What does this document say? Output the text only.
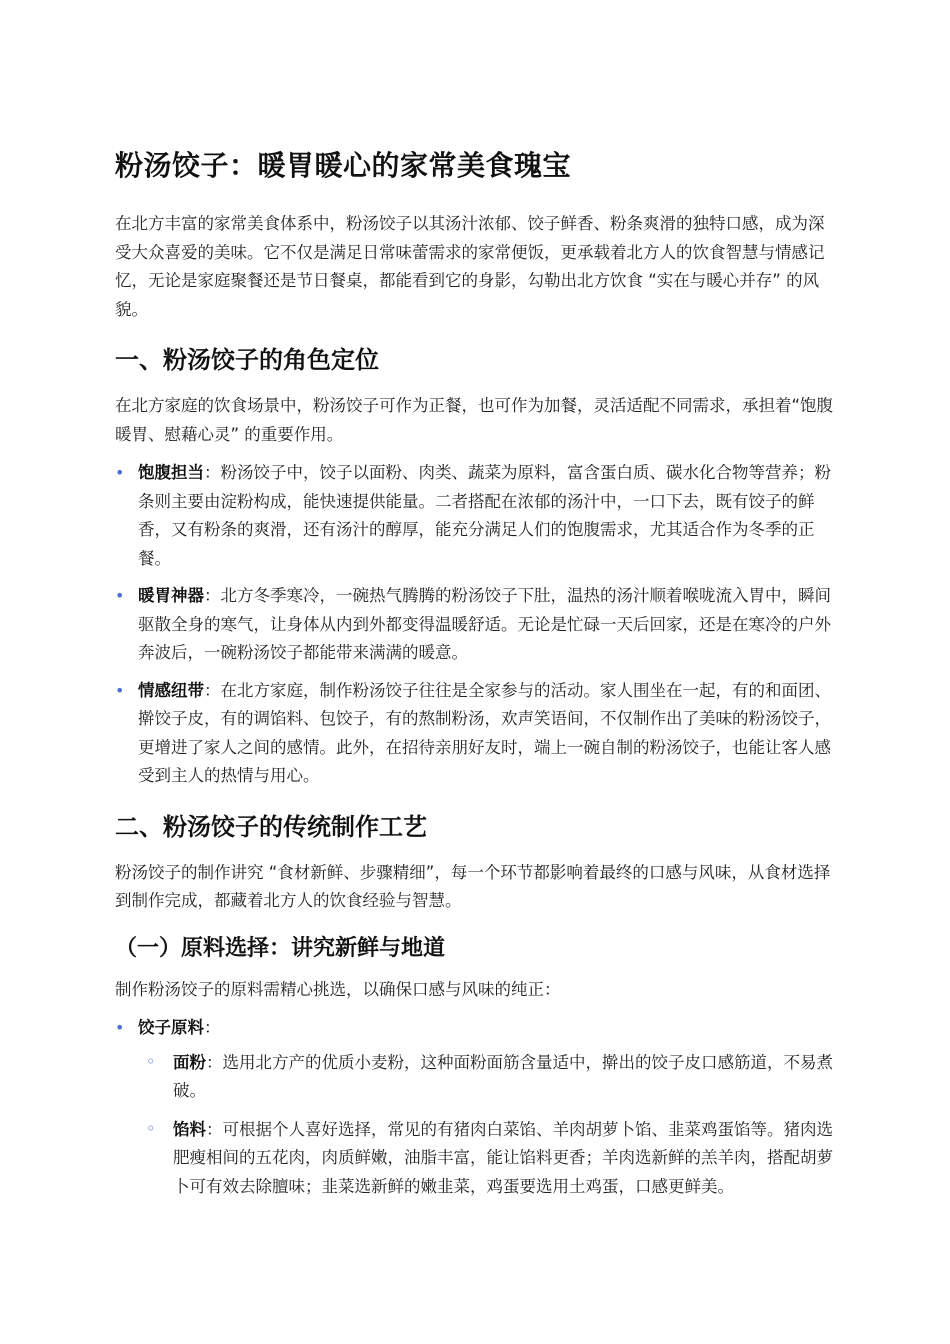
粉汤饺子：暖胃暖心的家常美食瑰宝

在北方丰富的家常美食体系中，粉汤饺子以其汤汁浓郁、饺子鲜香、粉条爽滑的独特口感，成为深受大众喜爱的美味。它不仅是满足日常味蕾需求的家常便饭，更承载着北方人的饮食智慧与情感记忆，无论是家庭聚餐还是节日餐桌，都能看到它的身影，勾勒出北方饮食 “实在与暖心并存” 的风貌。

一、粉汤饺子的角色定位

在北方家庭的饮食场景中，粉汤饺子可作为正餐，也可作为加餐，灵活适配不同需求，承担着“饱腹暖胃、慰藉心灵” 的重要作用。

• 饱腹担当：粉汤饺子中，饺子以面粉、肉类、蔬菜为原料，富含蛋白质、碳水化合物等营养；粉条则主要由淀粉构成，能快速提供能量。二者搭配在浓郁的汤汁中，一口下去，既有饺子的鲜香，又有粉条的爽滑，还有汤汁的醇厚，能充分满足人们的饱腹需求，尤其适合作为冬季的正餐。
• 暖胃神器：北方冬季寒冷，一碗热气腾腾的粉汤饺子下肚，温热的汤汁顺着喉咙流入胃中，瞬间驱散全身的寒气，让身体从内到外都变得温暖舒适。无论是忙碌一天后回家，还是在寒冷的户外奔波后，一碗粉汤饺子都能带来满满的暖意。
• 情感纽带：在北方家庭，制作粉汤饺子往往是全家参与的活动。家人围坐在一起，有的和面团、擀饺子皮，有的调馅料、包饺子，有的熬制粉汤，欢声笑语间，不仅制作出了美味的粉汤饺子，更增进了家人之间的感情。此外，在招待亲朋好友时，端上一碗自制的粉汤饺子，也能让客人感受到主人的热情与用心。
二、粉汤饺子的传统制作工艺

粉汤饺子的制作讲究 “食材新鲜、步骤精细”，每一个环节都影响着最终的口感与风味，从食材选择到制作完成，都藏着北方人的饮食经验与智慧。

（一）原料选择：讲究新鲜与地道

制作粉汤饺子的原料需精心挑选，以确保口感与风味的纯正：

• 饺子原料：
◦ 面粉：选用北方产的优质小麦粉，这种面粉面筋含量适中，擀出的饺子皮口感筋道，不易煮破。
◦ 馅料：可根据个人喜好选择，常见的有猪肉白菜馅、羊肉胡萝卜馅、韭菜鸡蛋馅等。猪肉选肥瘦相间的五花肉，肉质鲜嫩，油脂丰富，能让馅料更香；羊肉选新鲜的羔羊肉，搭配胡萝卜可有效去除膻味；韭菜选新鲜的嫩韭菜，鸡蛋要选用土鸡蛋，口感更鲜美。
